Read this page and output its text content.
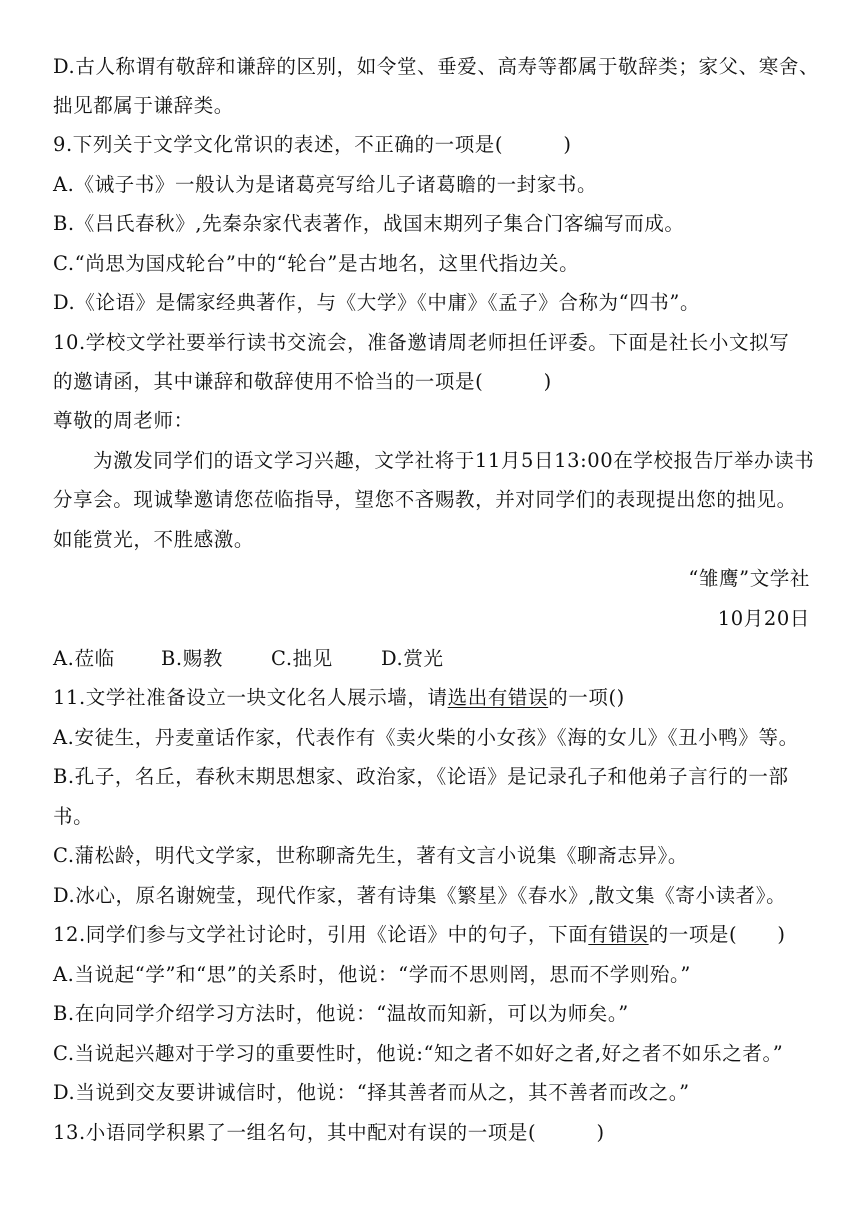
D.古人称谓有敬辞和谦辞的区别，如令堂、垂爱、高寿等都属于敬辞类；家父、寒舍、
拙见都属于谦辞类。
9.下列关于文学文化常识的表述，不正确的一项是(　　　)
A.《诫子书》一般认为是诸葛亮写给儿子诸葛瞻的一封家书。
B.《吕氏春秋》,先秦杂家代表著作，战国末期列子集合门客编写而成。
C.“尚思为国戍轮台”中的“轮台”是古地名，这里代指边关。
D.《论语》是儒家经典著作，与《大学》《中庸》《孟子》合称为“四书”。
10.学校文学社要举行读书交流会，准备邀请周老师担任评委。下面是社长小文拟写
的邀请函，其中谦辞和敬辞使用不恰当的一项是(　　　)
尊敬的周老师：
为激发同学们的语文学习兴趣，文学社将于11月5日13:00在学校报告厅举办读书
分享会。现诚挚邀请您莅临指导，望您不吝赐教，并对同学们的表现提出您的拙见。
如能赏光，不胜感激。
“雏鹰”文学社
10月20日
A.莅临 B.赐教 C.拙见 D.赏光
11.文学社准备设立一块文化名人展示墙，请选出有错误的一项()
A.安徒生，丹麦童话作家，代表作有《卖火柴的小女孩》《海的女儿》《丑小鸭》等。
B.孔子，名丘，春秋末期思想家、政治家，《论语》是记录孔子和他弟子言行的一部
书。
C.蒲松龄，明代文学家，世称聊斋先生，著有文言小说集《聊斋志异》。
D.冰心，原名谢婉莹，现代作家，著有诗集《繁星》《春水》,散文集《寄小读者》。
12.同学们参与文学社讨论时，引用《论语》中的句子，下面有错误的一项是(　　)
A.当说起“学”和“思”的关系时，他说：“学而不思则罔，思而不学则殆。”
B.在向同学介绍学习方法时，他说：“温故而知新，可以为师矣。”
C.当说起兴趣对于学习的重要性时，他说:“知之者不如好之者,好之者不如乐之者。”
D.当说到交友要讲诚信时，他说：“择其善者而从之，其不善者而改之。”
13.小语同学积累了一组名句，其中配对有误的一项是(　　　)
